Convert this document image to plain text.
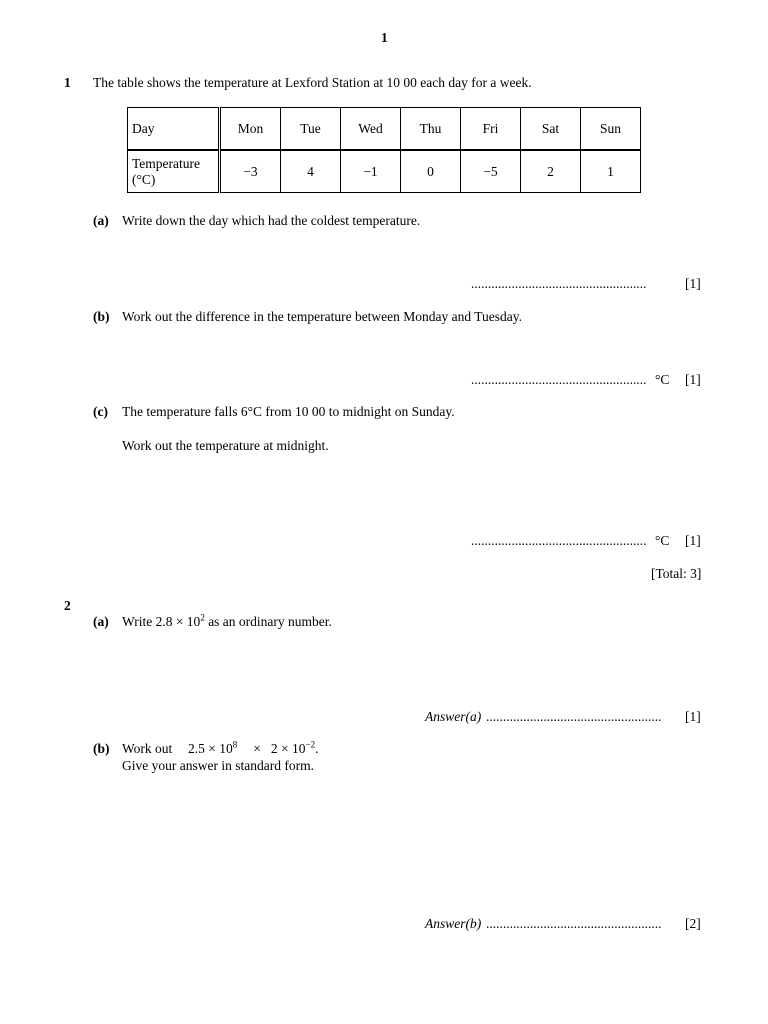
1
1 The table shows the temperature at Lexford Station at 10 00 each day for a week.
Day	Mon	Tue	Wed	Thu	Fri	Sat	Sun
Temperature
(°C)	−3	4	−1	0	−5	2	1
(a) Write down the day which had the coldest temperature.
....................................................	[1]
(b) Work out the difference in the temperature between Monday and Tuesday.
.................................................... °C [1]
(c) The temperature falls 6°C from 10 00 to midnight on Sunday.
Work out the temperature at midnight.
.................................................... °C [1]
[Total: 3]
2
(a) Write $2.8 \times 10^2$ as an ordinary number.
Answer(a) .................................................... [1]
(b) Work out $2.5 \times 10^8 \times 2 \times 10^{-2}$.
Give your answer in standard form.
Answer(b) .................................................... [2]
